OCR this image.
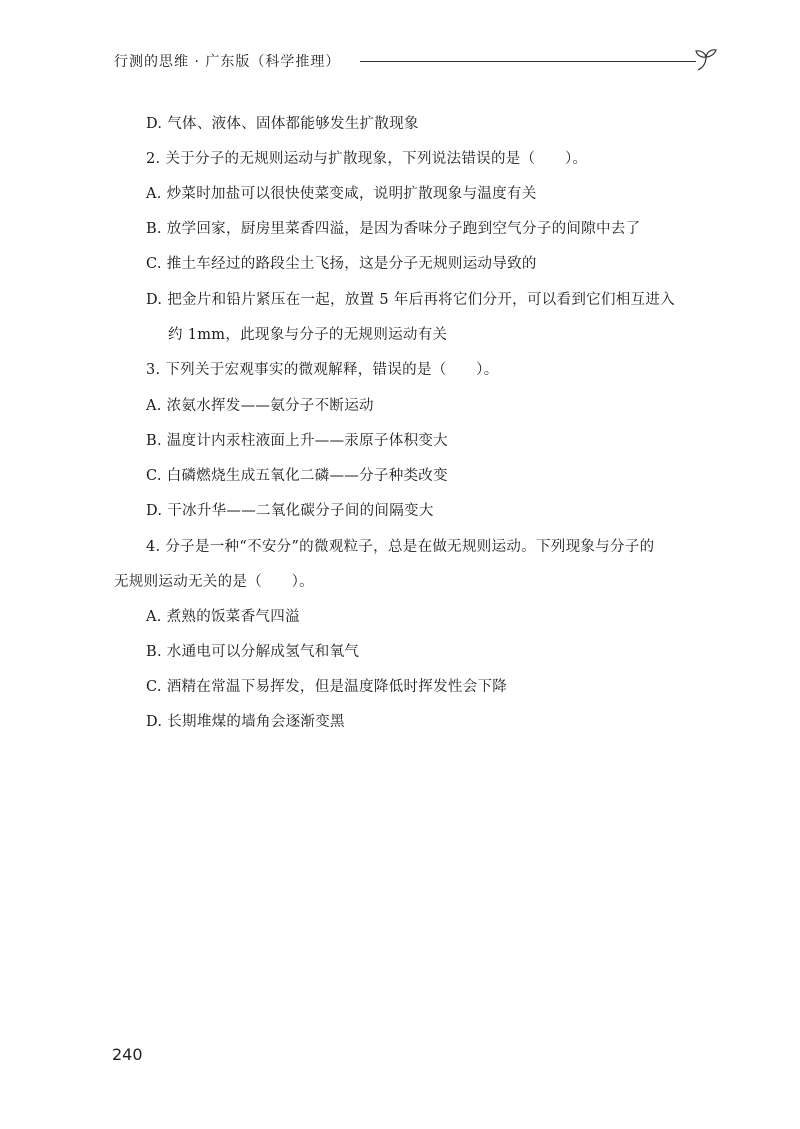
行测的思维 · 广东版（科学推理）
D. 气体、液体、固体都能够发生扩散现象
2. 关于分子的无规则运动与扩散现象，下列说法错误的是（　　）。
A. 炒菜时加盐可以很快使菜变咸，说明扩散现象与温度有关
B. 放学回家，厨房里菜香四溢，是因为香味分子跑到空气分子的间隙中去了
C. 推土车经过的路段尘土飞扬，这是分子无规则运动导致的
D. 把金片和铅片紧压在一起，放置 5 年后再将它们分开，可以看到它们相互进入
约 1mm，此现象与分子的无规则运动有关
3. 下列关于宏观事实的微观解释，错误的是（　　）。
A. 浓氨水挥发——氨分子不断运动
B. 温度计内汞柱液面上升——汞原子体积变大
C. 白磷燃烧生成五氧化二磷——分子种类改变
D. 干冰升华——二氧化碳分子间的间隔变大
4. 分子是一种“不安分”的微观粒子，总是在做无规则运动。下列现象与分子的
无规则运动无关的是（　　）。
A. 煮熟的饭菜香气四溢
B. 水通电可以分解成氢气和氧气
C. 酒精在常温下易挥发，但是温度降低时挥发性会下降
D. 长期堆煤的墙角会逐渐变黑
240
